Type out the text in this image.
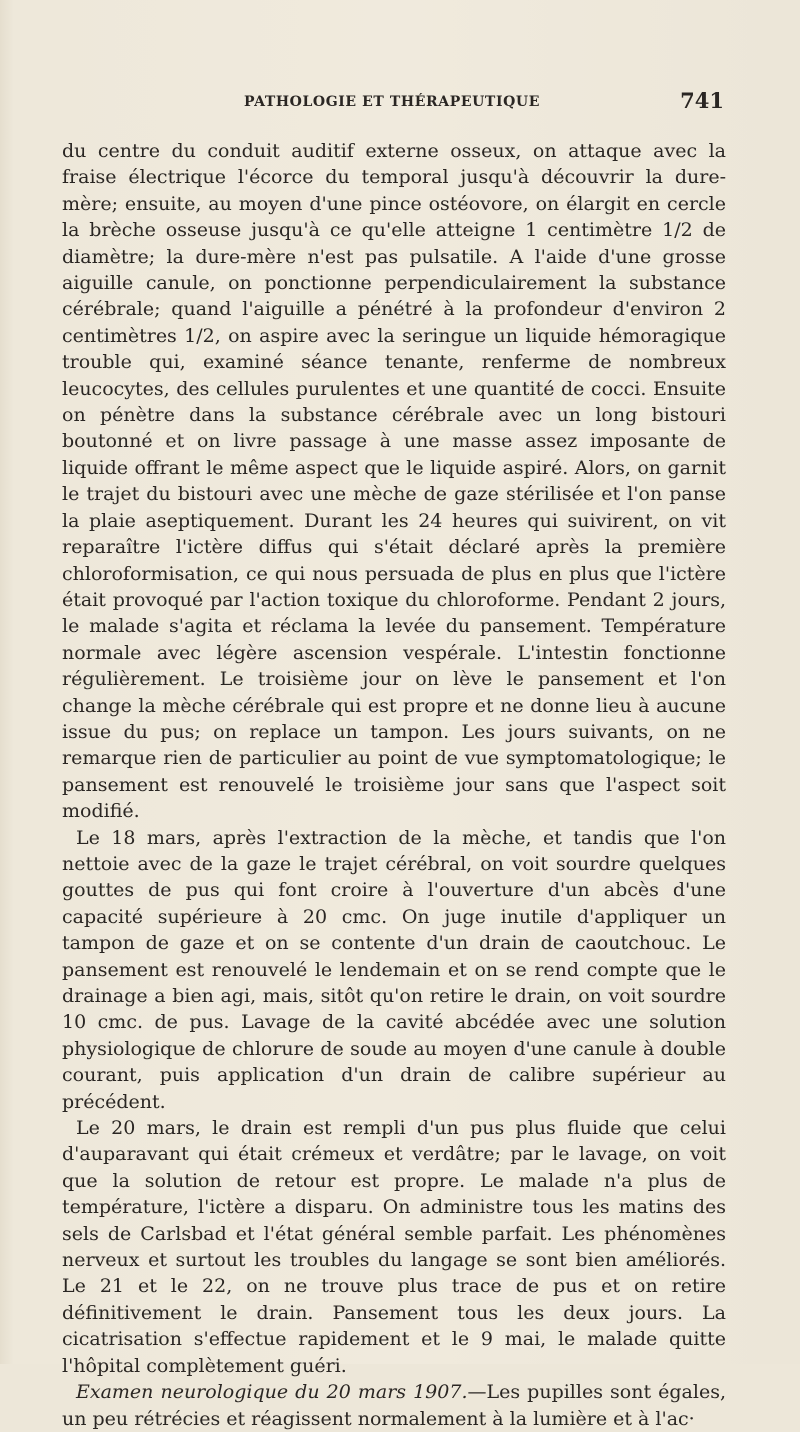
PATHOLOGIE ET THÉRAPEUTIQUE	741

du centre du conduit auditif externe osseux, on attaque avec la fraise électrique l'écorce du temporal jusqu'à découvrir la dure-mère; ensuite, au moyen d'une pince ostéovore, on élargit en cercle la brèche osseuse jusqu'à ce qu'elle atteigne 1 centimètre 1/2 de diamètre; la dure-mère n'est pas pulsatile. A l'aide d'une grosse aiguille canule, on ponctionne perpendiculairement la substance cérébrale; quand l'aiguille a pénétré à la profondeur d'environ 2 centimètres 1/2, on aspire avec la seringue un liquide hémoragique trouble qui, examiné séance tenante, renferme de nombreux leucocytes, des cellules purulentes et une quantité de cocci. Ensuite on pénètre dans la substance cérébrale avec un long bistouri boutonné et on livre passage à une masse assez imposante de liquide offrant le même aspect que le liquide aspiré. Alors, on garnit le trajet du bistouri avec une mèche de gaze stérilisée et l'on panse la plaie aseptiquement. Durant les 24 heures qui suivirent, on vit reparaître l'ictère diffus qui s'était déclaré après la première chloroformisation, ce qui nous persuada de plus en plus que l'ictère était provoqué par l'action toxique du chloroforme. Pendant 2 jours, le malade s'agita et réclama la levée du pansement. Température normale avec légère ascension vespérale. L'intestin fonctionne régulièrement. Le troisième jour on lève le pansement et l'on change la mèche cérébrale qui est propre et ne donne lieu à aucune issue du pus; on replace un tampon. Les jours suivants, on ne remarque rien de particulier au point de vue symptomatologique; le pansement est renouvelé le troisième jour sans que l'aspect soit modifié.

Le 18 mars, après l'extraction de la mèche, et tandis que l'on nettoie avec de la gaze le trajet cérébral, on voit sourdre quelques gouttes de pus qui font croire à l'ouverture d'un abcès d'une capacité supérieure à 20 cmc. On juge inutile d'appliquer un tampon de gaze et on se contente d'un drain de caoutchouc. Le pansement est renouvelé le lendemain et on se rend compte que le drainage a bien agi, mais, sitôt qu'on retire le drain, on voit sourdre 10 cmc. de pus. Lavage de la cavité abcédée avec une solution physiologique de chlorure de soude au moyen d'une canule à double courant, puis application d'un drain de calibre supérieur au précédent.

Le 20 mars, le drain est rempli d'un pus plus fluide que celui d'auparavant qui était crémeux et verdâtre; par le lavage, on voit que la solution de retour est propre. Le malade n'a plus de température, l'ictère a disparu. On administre tous les matins des sels de Carlsbad et l'état général semble parfait. Les phénomènes nerveux et surtout les troubles du langage se sont bien améliorés. Le 21 et le 22, on ne trouve plus trace de pus et on retire définitivement le drain. Pansement tous les deux jours. La cicatrisation s'effectue rapidement et le 9 mai, le malade quitte l'hôpital complètement guéri.

Examen neurologique du 20 mars 1907.—Les pupilles sont égales, un peu rétrécies et réagissent normalement à la lumière et à l'ac·
